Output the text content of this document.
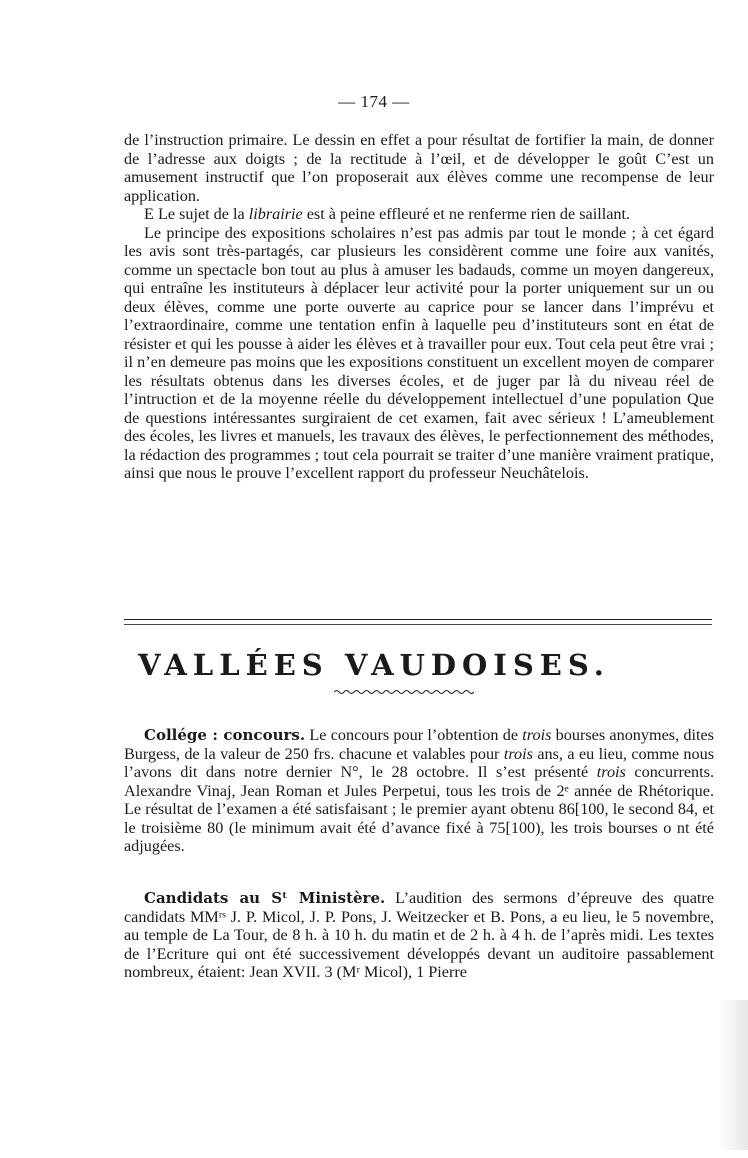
— 174 —

de l’instruction primaire. Le dessin en effet a pour résultat de fortifier la main, de donner de l’adresse aux doigts ; de la rectitude à l’œil, et de développer le goût C’est un amusement instructif que l’on proposerait aux élèves comme une recompense de leur application.

E Le sujet de la librairie est à peine effleuré et ne renferme rien de saillant.

Le principe des expositions scholaires n’est pas admis par tout le monde ; à cet égard les avis sont très-partagés, car plusieurs les considèrent comme une foire aux vanités, comme un spectacle bon tout au plus à amuser les badauds, comme un moyen dangereux, qui entraîne les instituteurs à déplacer leur activité pour la porter uniquement sur un ou deux élèves, comme une porte ouverte au caprice pour se lancer dans l’imprévu et l’extraordinaire, comme une tentation enfin à laquelle peu d’instituteurs sont en état de résister et qui les pousse à aider les élèves et à travailler pour eux. Tout cela peut être vrai ; il n’en demeure pas moins que les expositions constituent un excellent moyen de comparer les résultats obtenus dans les diverses écoles, et de juger par là du niveau réel de l’intruction et de la moyenne réelle du développement intellectuel d’une population Que de questions intéressantes surgiraient de cet examen, fait avec sérieux ! L’ameublement des écoles, les livres et manuels, les travaux des élèves, le perfectionnement des méthodes, la rédaction des programmes ; tout cela pourrait se traiter d’une manière vraiment pratique, ainsi que nous le prouve l’excellent rapport du professeur Neuchâtelois.

VALLÉES VAUDOISES.

Collége : concours. Le concours pour l’obtention de trois bourses anonymes, dites Burgess, de la valeur de 250 frs. chacune et valables pour trois ans, a eu lieu, comme nous l’avons dit dans notre dernier N°, le 28 octobre. Il s’est présenté trois concurrents. Alexandre Vinaj, Jean Roman et Jules Perpetui, tous les trois de 2ᵉ année de Rhétorique. Le résultat de l’examen a été satisfaisant ; le premier ayant obtenu 86[100, le second 84, et le troisième 80 (le minimum avait été d’avance fixé à 75[100), les trois bourses o nt été adjugées.

Candidats au Sᵗ Ministère. L’audition des sermons d’épreuve des quatre candidats MMʳˢ J. P. Micol, J. P. Pons, J. Weitzecker et B. Pons, a eu lieu, le 5 novembre, au temple de La Tour, de 8 h. à 10 h. du matin et de 2 h. à 4 h. de l’après midi. Les textes de l’Ecriture qui ont été successivement développés devant un auditoire passablement nombreux, étaient: Jean XVII. 3 (Mʳ Micol), 1 Pierre
